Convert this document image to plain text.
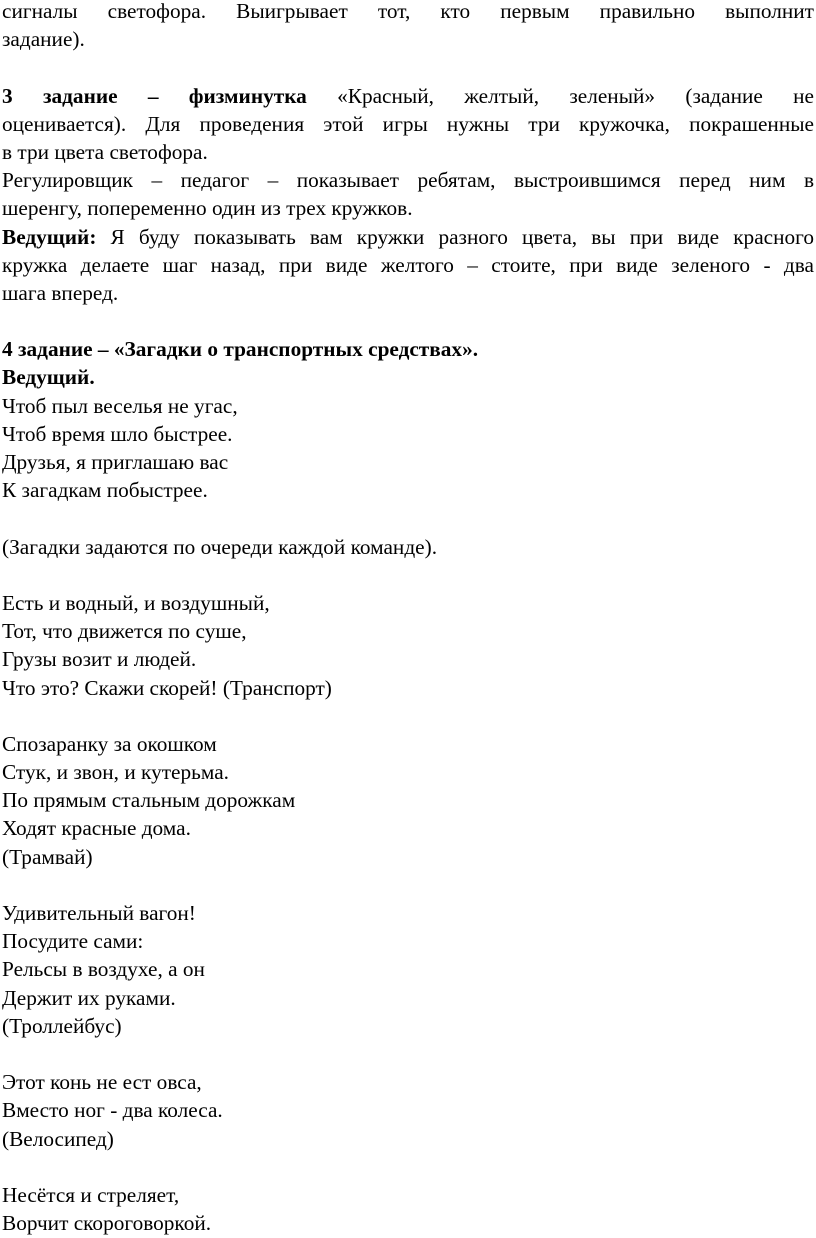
сигналы светофора. Выигрывает тот, кто первым правильно выполнит
задание).
3 задание – физминутка «Красный, желтый, зеленый» (задание не
оценивается). Для проведения этой игры нужны три кружочка, покрашенные
в три цвета светофора.
Регулировщик – педагог – показывает ребятам, выстроившимся перед ним в
шеренгу, попеременно один из трех кружков.
Ведущий: Я буду показывать вам кружки разного цвета, вы при виде красного
кружка делаете шаг назад, при виде желтого – стоите, при виде зеленого - два
шага вперед.
4 задание – «Загадки о транспортных средствах».
Ведущий.
Чтоб пыл веселья не угас,
Чтоб время шло быстрее.
Друзья, я приглашаю вас
К загадкам побыстрее.
(Загадки задаются по очереди каждой команде).
Есть и водный, и воздушный,
Тот, что движется по суше,
Грузы возит и людей.
Что это? Скажи скорей! (Транспорт)
Спозаранку за окошком
Стук, и звон, и кутерьма.
По прямым стальным дорожкам
Ходят красные дома.
(Трамвай)
Удивительный вагон!
Посудите сами:
Рельсы в воздухе, а он
Держит их руками.
(Троллейбус)
Этот конь не ест овса,
Вместо ног - два колеса.
(Велосипед)
Несётся и стреляет,
Ворчит скороговоркой.
